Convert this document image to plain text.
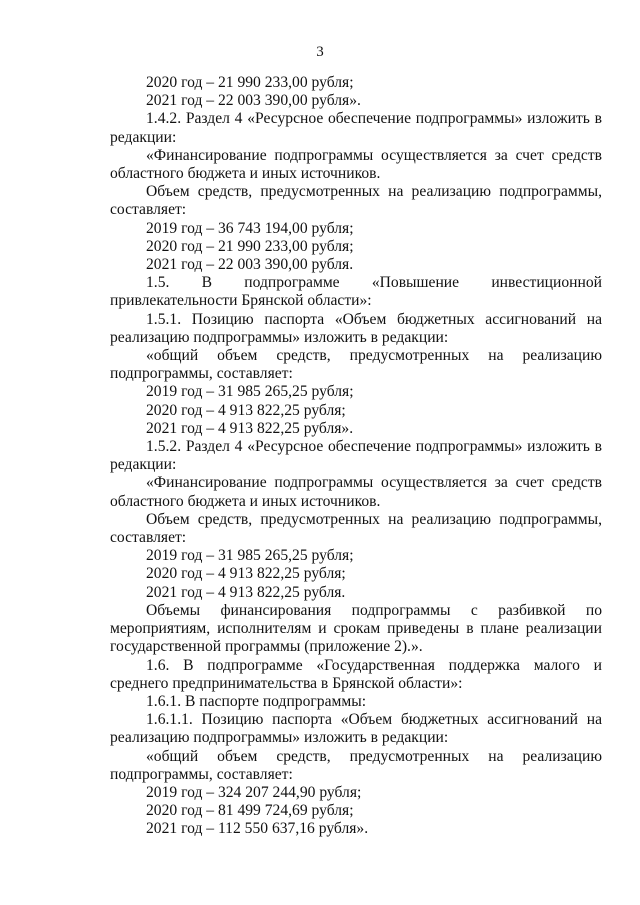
3

2020 год – 21 990 233,00 рубля;

2021 год – 22 003 390,00 рубля».

1.4.2. Раздел 4 «Ресурсное обеспечение подпрограммы» изложить в редакции:

«Финансирование подпрограммы осуществляется за счет средств областного бюджета и иных источников.

Объем средств, предусмотренных на реализацию подпрограммы, составляет:

2019 год – 36 743 194,00 рубля;

2020 год – 21 990 233,00 рубля;

2021 год – 22 003 390,00 рубля.

1.5. В подпрограмме «Повышение инвестиционной привлекательности Брянской области»:

1.5.1. Позицию паспорта «Объем бюджетных ассигнований на реализацию подпрограммы» изложить в редакции:

«общий объем средств, предусмотренных на реализацию подпрограммы, составляет:

2019 год – 31 985 265,25 рубля;

2020 год – 4 913 822,25 рубля;

2021 год – 4 913 822,25 рубля».

1.5.2. Раздел 4 «Ресурсное обеспечение подпрограммы» изложить в редакции:

«Финансирование подпрограммы осуществляется за счет средств областного бюджета и иных источников.

Объем средств, предусмотренных на реализацию подпрограммы, составляет:

2019 год – 31 985 265,25 рубля;

2020 год – 4 913 822,25 рубля;

2021 год – 4 913 822,25 рубля.

Объемы финансирования подпрограммы с разбивкой по мероприятиям, исполнителям и срокам приведены в плане реализации государственной программы (приложение 2).».

1.6. В подпрограмме «Государственная поддержка малого и среднего предпринимательства в Брянской области»:

1.6.1. В паспорте подпрограммы:

1.6.1.1. Позицию паспорта «Объем бюджетных ассигнований на реализацию подпрограммы» изложить в редакции:

«общий объем средств, предусмотренных на реализацию подпрограммы, составляет:

2019 год – 324 207 244,90 рубля;

2020 год – 81 499 724,69 рубля;

2021 год – 112 550 637,16 рубля».
